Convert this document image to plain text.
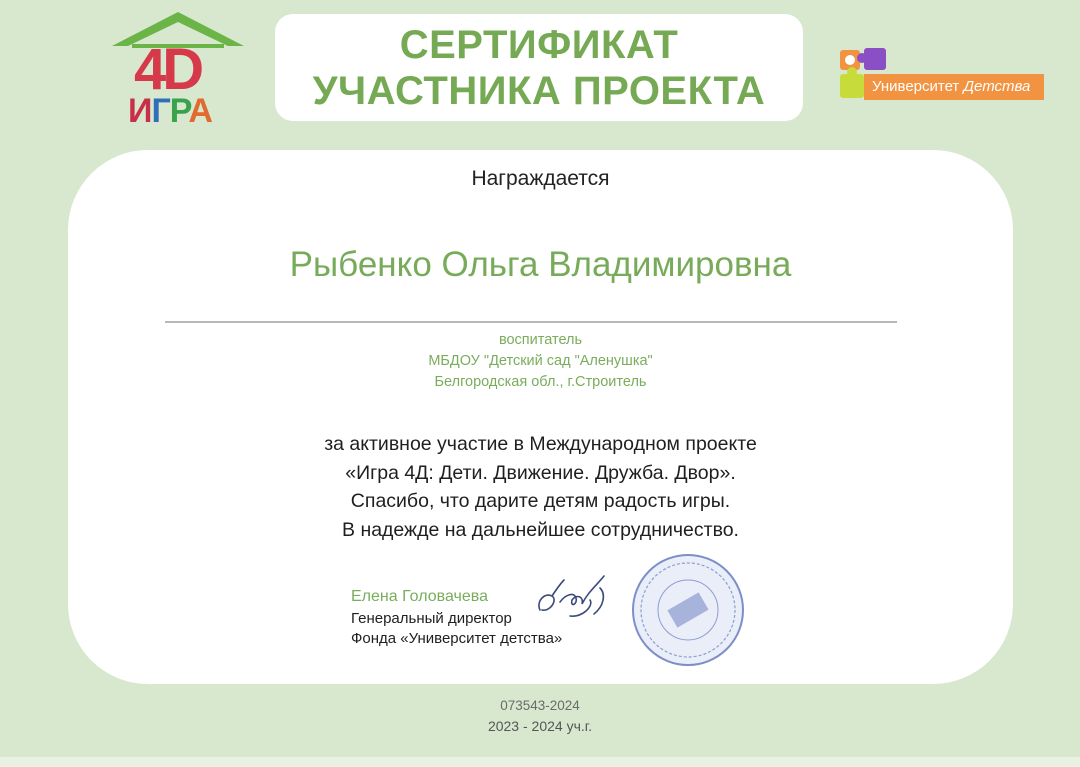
4D
ИГРА
СЕРТИФИКАТ
УЧАСТНИКА ПРОЕКТА	Университет Детства
Награждается
Рыбенко Ольга Владимировна
воспитатель
МБДОУ "Детский сад "Аленушка"
Белгородская обл., г.Строитель
за активное участие в Международном проекте
«Игра 4Д: Дети. Движение. Дружба. Двор».
Спасибо, что дарите детям радость игры.
В надежде на дальнейшее сотрудничество.
Елена Головачева
Генеральный директор
Фонда «Университет детства»
073543-2024
2023 - 2024 уч.г.
